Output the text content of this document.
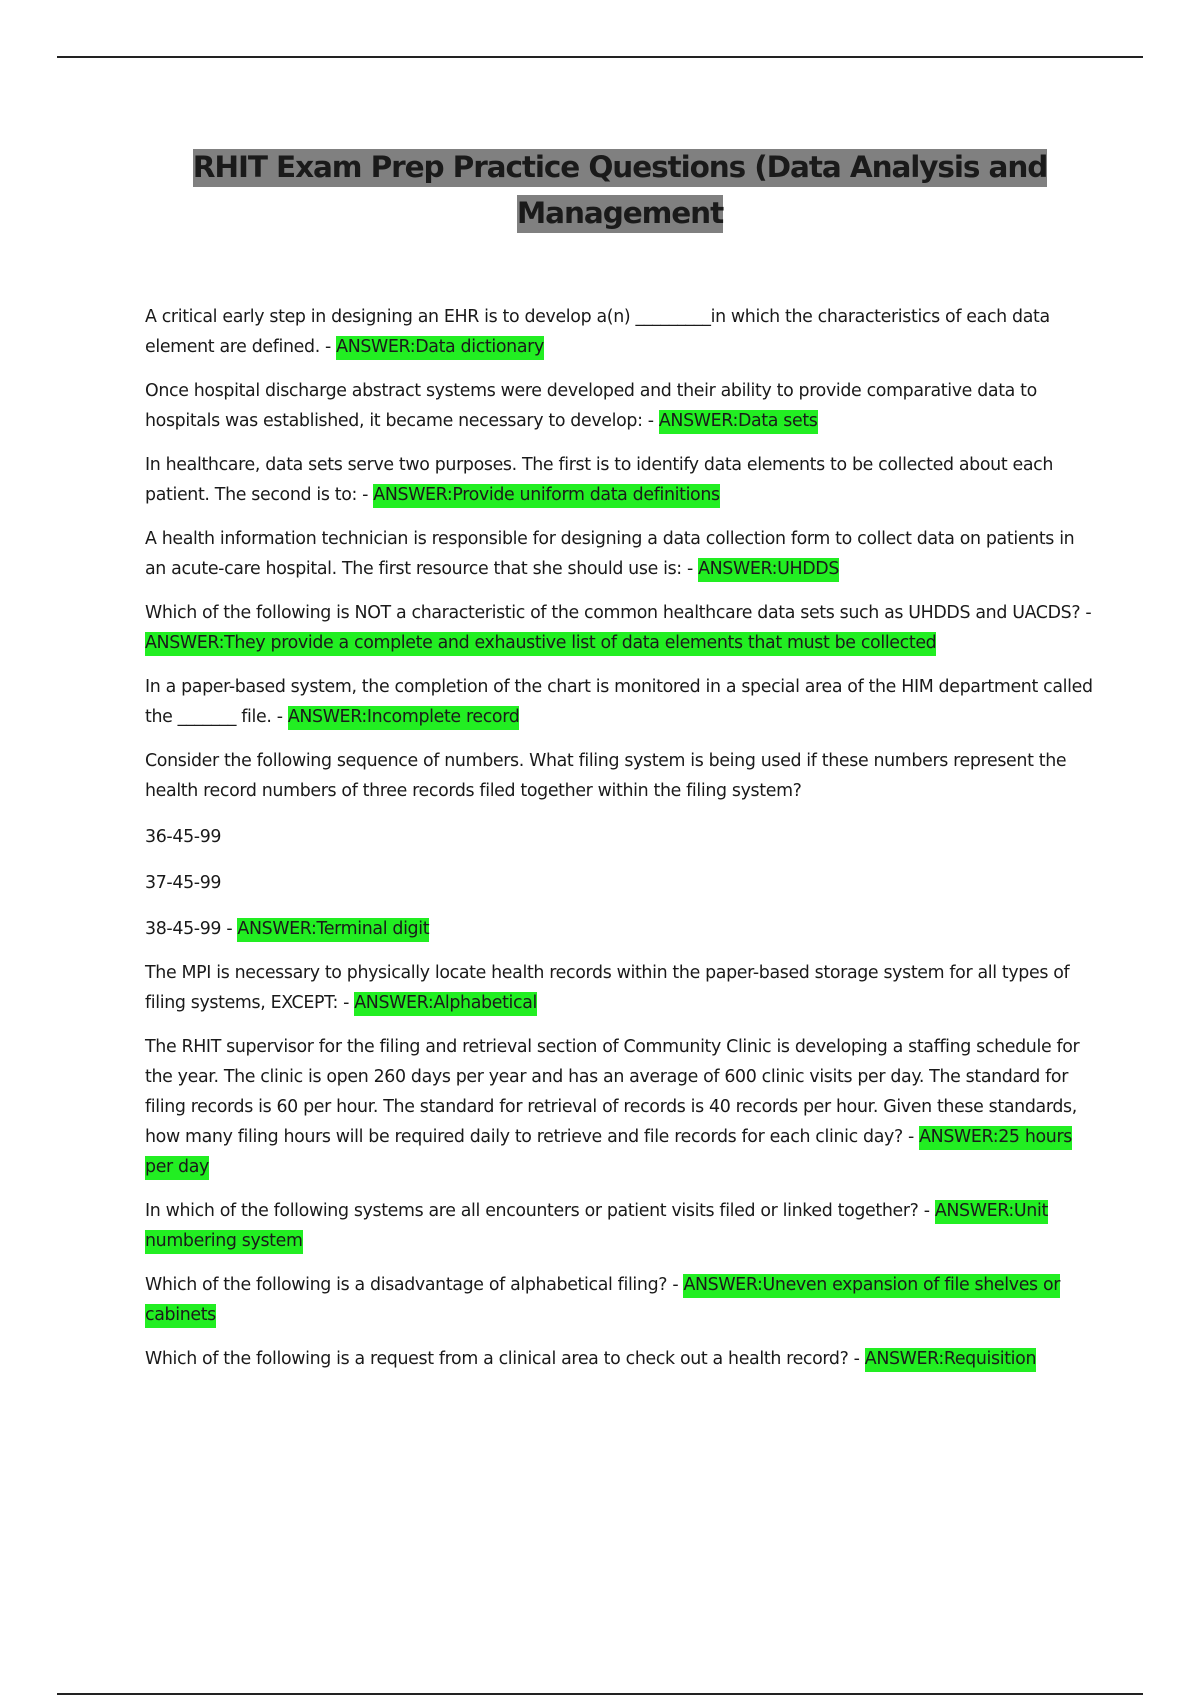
RHIT Exam Prep Practice Questions (Data Analysis and
Management

A critical early step in designing an EHR is to develop a(n) _________in which the characteristics of each data element are defined. - ANSWER:Data dictionary

Once hospital discharge abstract systems were developed and their ability to provide comparative data to hospitals was established, it became necessary to develop: - ANSWER:Data sets

In healthcare, data sets serve two purposes. The first is to identify data elements to be collected about each patient. The second is to: - ANSWER:Provide uniform data definitions

A health information technician is responsible for designing a data collection form to collect data on patients in an acute-care hospital. The first resource that she should use is: - ANSWER:UHDDS

Which of the following is NOT a characteristic of the common healthcare data sets such as UHDDS and UACDS? - ANSWER:They provide a complete and exhaustive list of data elements that must be collected

In a paper-based system, the completion of the chart is monitored in a special area of the HIM department called the _______ file. - ANSWER:Incomplete record

Consider the following sequence of numbers. What filing system is being used if these numbers represent the health record numbers of three records filed together within the filing system?

36-45-99

37-45-99

38-45-99 - ANSWER:Terminal digit

The MPI is necessary to physically locate health records within the paper-based storage system for all types of filing systems, EXCEPT: - ANSWER:Alphabetical

The RHIT supervisor for the filing and retrieval section of Community Clinic is developing a staffing schedule for the year. The clinic is open 260 days per year and has an average of 600 clinic visits per day. The standard for filing records is 60 per hour. The standard for retrieval of records is 40 records per hour. Given these standards, how many filing hours will be required daily to retrieve and file records for each clinic day? - ANSWER:25 hours per day

In which of the following systems are all encounters or patient visits filed or linked together? - ANSWER:Unit numbering system

Which of the following is a disadvantage of alphabetical filing? - ANSWER:Uneven expansion of file shelves or cabinets

Which of the following is a request from a clinical area to check out a health record? - ANSWER:Requisition
